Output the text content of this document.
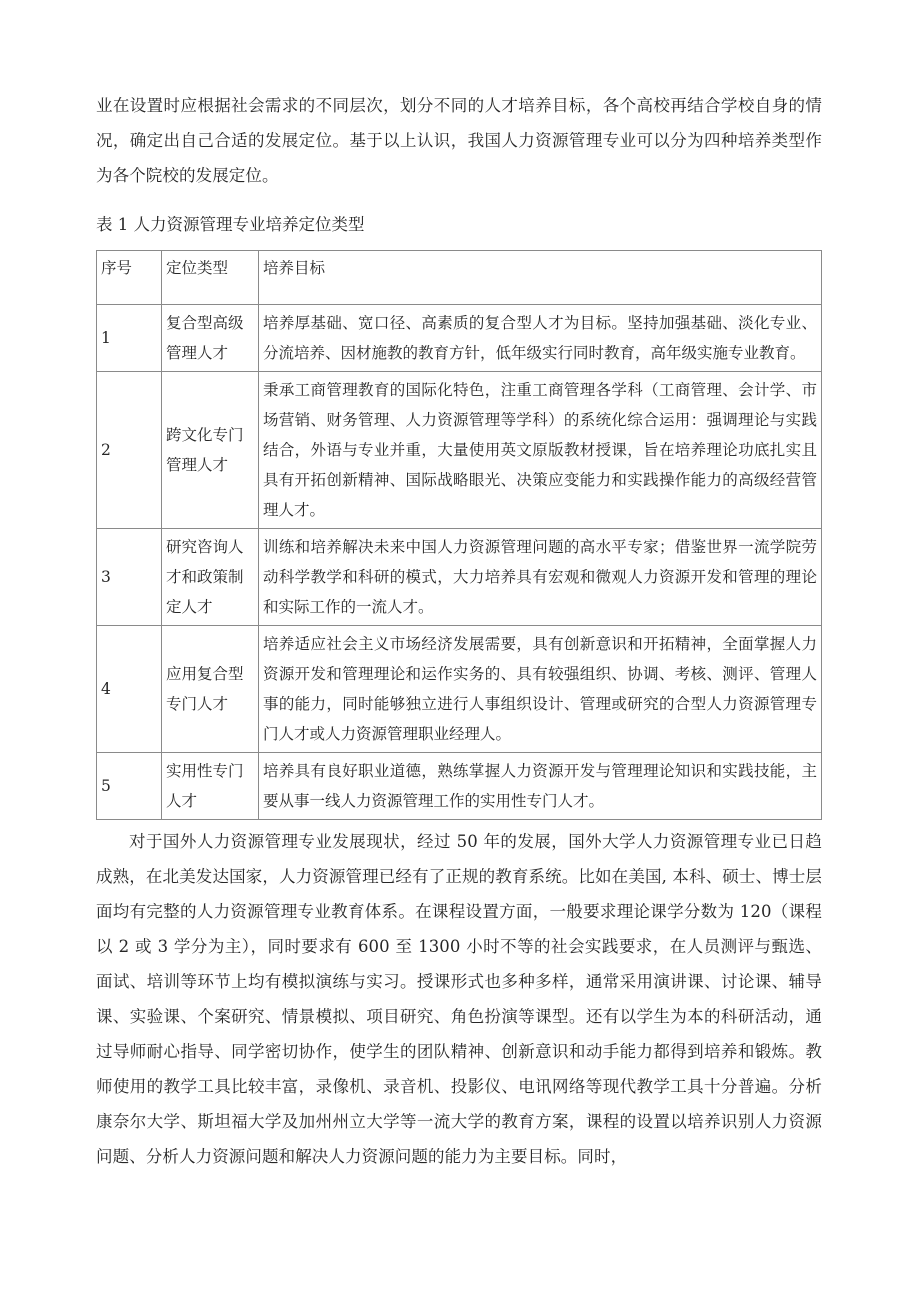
业在设置时应根据社会需求的不同层次，划分不同的人才培养目标，各个高校再结合学校自身的情况，确定出自己合适的发展定位。基于以上认识，我国人力资源管理专业可以分为四种培养类型作为各个院校的发展定位。

表 1 人力资源管理专业培养定位类型
序号	定位类型	培养目标
1	复合型高级管理人才	培养厚基础、宽口径、高素质的复合型人才为目标。坚持加强基础、淡化专业、分流培养、因材施教的教育方针，低年级实行同时教育，高年级实施专业教育。
2	跨文化专门管理人才	秉承工商管理教育的国际化特色，注重工商管理各学科（工商管理、会计学、市场营销、财务管理、人力资源管理等学科）的系统化综合运用：强调理论与实践结合，外语与专业并重，大量使用英文原版教材授课，旨在培养理论功底扎实且具有开拓创新精神、国际战略眼光、决策应变能力和实践操作能力的高级经营管理人才。
3	研究咨询人才和政策制定人才	训练和培养解决未来中国人力资源管理问题的高水平专家；借鉴世界一流学院劳动科学教学和科研的模式，大力培养具有宏观和微观人力资源开发和管理的理论和实际工作的一流人才。
4	应用复合型专门人才	培养适应社会主义市场经济发展需要，具有创新意识和开拓精神，全面掌握人力资源开发和管理理论和运作实务的、具有较强组织、协调、考核、测评、管理人事的能力，同时能够独立进行人事组织设计、管理或研究的合型人力资源管理专门人才或人力资源管理职业经理人。
5	实用性专门人才	培养具有良好职业道德，熟练掌握人力资源开发与管理理论知识和实践技能，主要从事一线人力资源管理工作的实用性专门人才。

对于国外人力资源管理专业发展现状，经过 50 年的发展，国外大学人力资源管理专业已日趋成熟，在北美发达国家，人力资源管理已经有了正规的教育系统。比如在美国, 本科、硕士、博士层面均有完整的人力资源管理专业教育体系。在课程设置方面，一般要求理论课学分数为 120（课程以 2 或 3 学分为主），同时要求有 600 至 1300 小时不等的社会实践要求，在人员测评与甄选、面试、培训等环节上均有模拟演练与实习。授课形式也多种多样，通常采用演讲课、讨论课、辅导课、实验课、个案研究、情景模拟、项目研究、角色扮演等课型。还有以学生为本的科研活动，通过导师耐心指导、同学密切协作，使学生的团队精神、创新意识和动手能力都得到培养和锻炼。教师使用的教学工具比较丰富，录像机、录音机、投影仪、电讯网络等现代教学工具十分普遍。分析康奈尔大学、斯坦福大学及加州州立大学等一流大学的教育方案，课程的设置以培养识别人力资源问题、分析人力资源问题和解决人力资源问题的能力为主要目标。同时，
